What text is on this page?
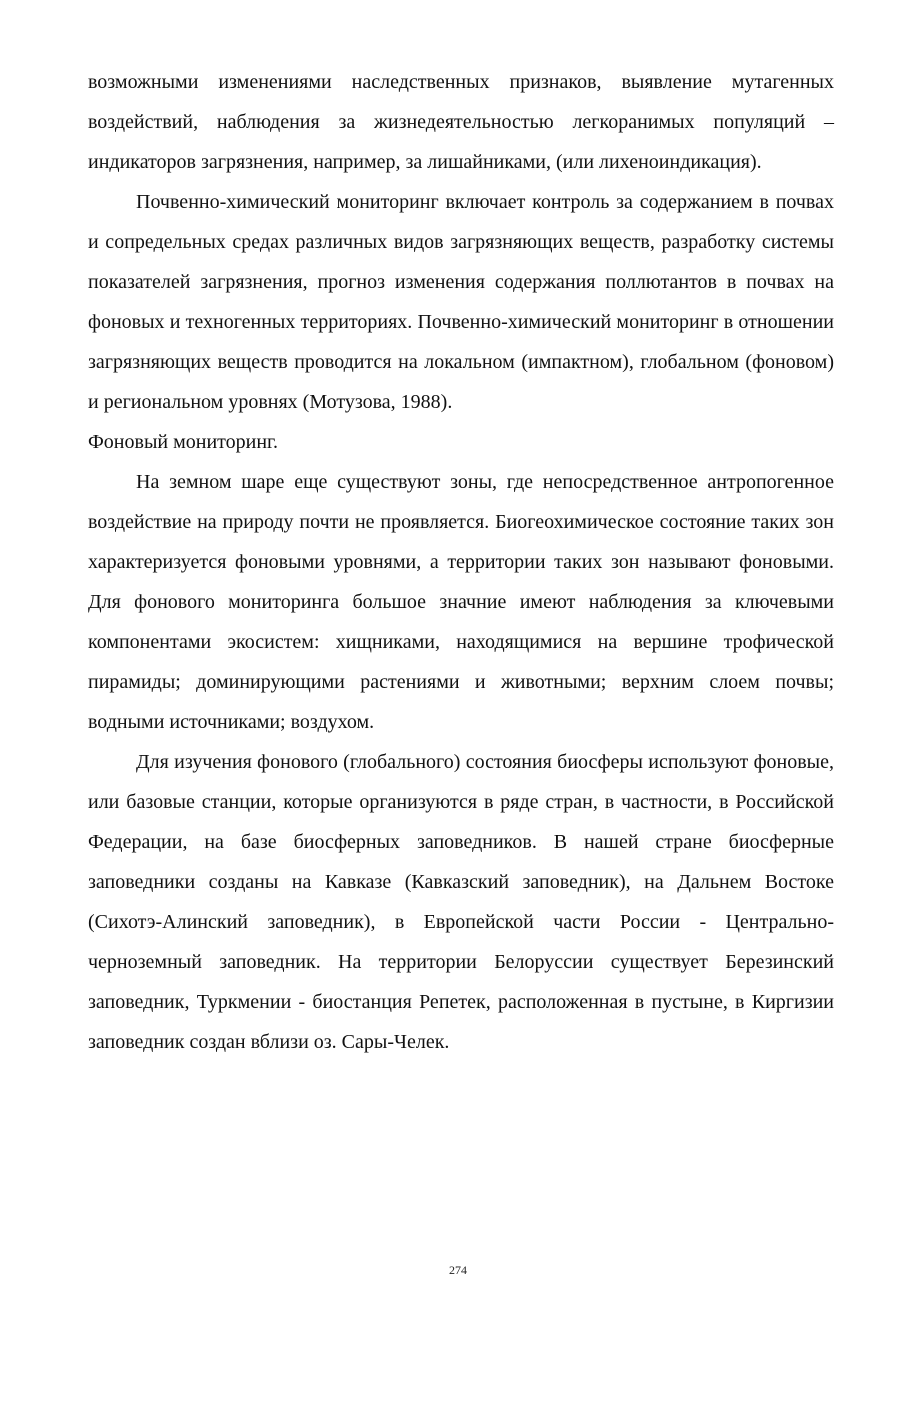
возможными изменениями наследственных признаков, выявление мутагенных воздействий, наблюдения за жизнедеятельностью легкоранимых популяций – индикаторов загрязнения, например, за лишайниками, (или лихеноиндикация).

Почвенно-химический мониторинг включает контроль за содержанием в почвах и сопредельных средах различных видов загрязняющих веществ, разработку системы показателей загрязнения, прогноз изменения содержания поллютантов в почвах на фоновых и техногенных территориях. Почвенно-химический мониторинг в отношении загрязняющих веществ проводится на локальном (импактном), глобальном (фоновом) и региональном уровнях (Мотузова, 1988).

Фоновый мониторинг.

На земном шаре еще существуют зоны, где непосредственное антропогенное воздействие на природу почти не проявляется. Биогеохимическое состояние таких зон характеризуется фоновыми уровнями, а территории таких зон называют фоновыми. Для фонового мониторинга большое значние имеют наблюдения за ключевыми компонентами экосистем: хищниками, находящимися на вершине трофической пирамиды; доминирующими растениями и животными; верхним слоем почвы; водными источниками; воздухом.

Для изучения фонового (глобального) состояния биосферы используют фоновые, или базовые станции, которые организуются в ряде стран, в частности, в Российской Федерации, на базе биосферных заповедников. В нашей стране биосферные заповедники созданы на Кавказе (Кавказский заповедник), на Дальнем Востоке (Сихотэ-Алинский заповедник), в Европейской части России - Центрально-черноземный заповедник. На территории Белоруссии существует Березинский заповедник, Туркмении - биостанция Репетек, расположенная в пустыне, в Киргизии заповедник создан вблизи оз. Сары-Челек.

274
